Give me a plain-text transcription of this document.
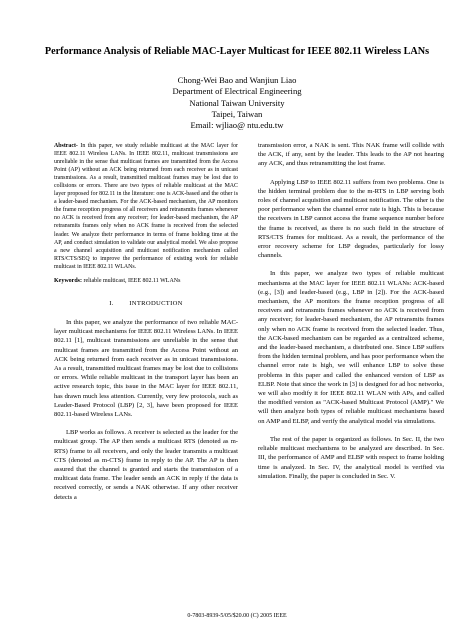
Performance Analysis of Reliable MAC-Layer Multicast for IEEE 802.11 Wireless LANs
Chong-Wei Bao and Wanjiun Liao
Department of Electrical Engineering
National Taiwan University
Taipei, Taiwan
Email: wjliao@ ntu.edu.tw

Abstract- In this paper, we study reliable multicast at the MAC layer for IEEE 802.11 Wireless LANs. In IEEE 802.11, multicast transmissions are unreliable in the sense that multicast frames are transmitted from the Access Point (AP) without an ACK being returned from each receiver as in unicast transmissions. As a result, transmitted multicast frames may be lost due to collisions or errors. There are two types of reliable multicast at the MAC layer proposed for 802.11 in the literature: one is ACK-based and the other is a leader-based mechanism. For the ACK-based mechanism, the AP monitors the frame reception progress of all receivers and retransmits frames whenever no ACK is received from any receiver; for leader-based mechanism, the AP retransmits frames only when no ACK frame is received from the selected leader. We analyze their performance in terms of frame holding time at the AP, and conduct simulation to validate our analytical model. We also propose a new channel acquisition and multicast notification mechanism called RTS/CTS/SEQ to improve the performance of existing work for reliable multicast in IEEE 802.11 WLANs.

Keywords: reliable multicast, IEEE 802.11 WLANs

I.        INTRODUCTION

In this paper, we analyze the performance of two reliable MAC-layer multicast mechanisms for IEEE 802.11 Wireless LANs. In IEEE 802.11 [1], multicast transmissions are unreliable in the sense that multicast frames are transmitted from the Access Point without an ACK being returned from each receiver as in unicast transmissions. As a result, transmitted multicast frames may be lost due to collisions or errors. While reliable multicast in the transport layer has been an active research topic, this issue in the MAC layer for IEEE 802.11, has drawn much less attention. Currently, very few protocols, such as Leader-Based Protocol (LBP) [2, 3], have been proposed for IEEE 802.11-based Wireless LANs.

LBP works as follows. A receiver is selected as the leader for the multicast group. The AP then sends a multicast RTS (denoted as m-RTS) frame to all receivers, and only the leader transmits a multicast CTS (denoted as m-CTS) frame in reply to the AP. The AP is then assured that the channel is granted and starts the transmission of a multicast data frame. The leader sends an ACK in reply if the data is received correctly, or sends a NAK otherwise. If any other receiver detects a

transmission error, a NAK is sent. This NAK frame will collide with the ACK, if any, sent by the leader. This leads to the AP not hearing any ACK, and thus retransmitting the lost frame.

Applying LBP to IEEE 802.11 suffers from two problems. One is the hidden terminal problem due to the m-RTS in LBP serving both roles of channel acquisition and multicast notification. The other is the poor performance when the channel error rate is high. This is because the receivers in LBP cannot access the frame sequence number before the frame is received, as there is no such field in the structure of RTS/CTS frames for multicast. As a result, the performance of the error recovery scheme for LBP degrades, particularly for lossy channels.

In this paper, we analyze two types of reliable multicast mechanisms at the MAC layer for IEEE 802.11 WLANs: ACK-based (e.g., [3]) and leader-based (e.g., LBP in [2]). For the ACK-based mechanism, the AP monitors the frame reception progress of all receivers and retransmits frames whenever no ACK is received from any receiver; for leader-based mechanism, the AP retransmits frames only when no ACK frame is received from the selected leader. Thus, the ACK-based mechanism can be regarded as a centralized scheme, and the leader-based mechanism, a distributed one. Since LBP suffers from the hidden terminal problem, and has poor performance when the channel error rate is high, we will enhance LBP to solve these problems in this paper and called the enhanced version of LBP as ELBP. Note that since the work in [3] is designed for ad hoc networks, we will also modify it for IEEE 802.11 WLAN with APs, and called the modified version as "ACK-based Multicast Protocol (AMP)." We will then analyze both types of reliable multicast mechanisms based on AMP and ELBP, and verify the analytical model via simulations.

The rest of the paper is organized as follows. In Sec. II, the two reliable multicast mechanisms to be analyzed are described. In Sec. III, the performance of AMP and ELBP with respect to frame holding time is analyzed. In Sec. IV, the analytical model is verified via simulation. Finally, the paper is concluded in Sec. V.

0-7803-8939-5/05/$20.00 (C) 2005 IEEE
